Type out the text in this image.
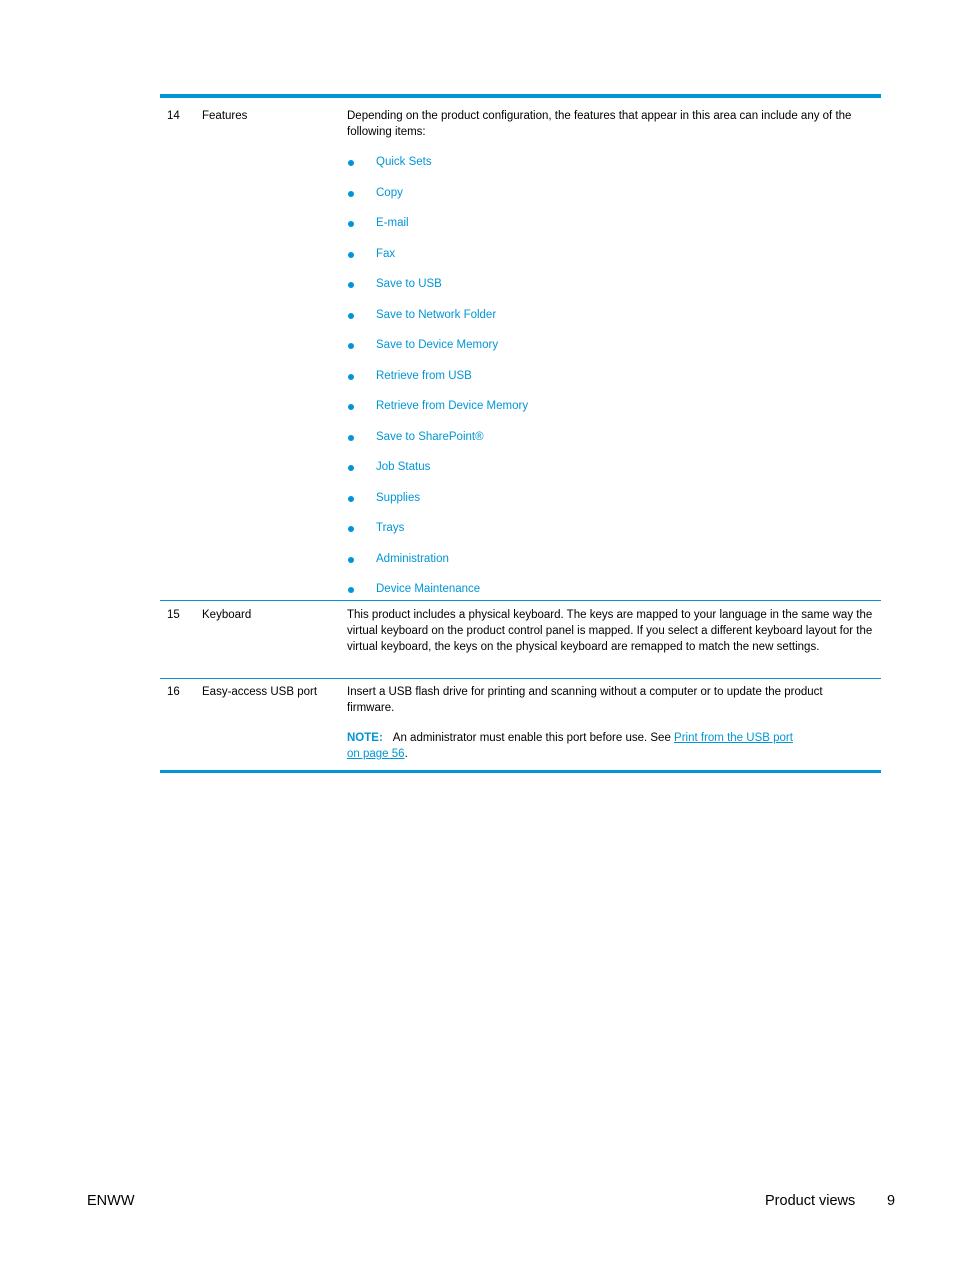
14 Features	Depending on the product configuration, the features that appear in this area can include any of the following items:
Quick Sets
Copy
E-mail
Fax
Save to USB
Save to Network Folder
Save to Device Memory
Retrieve from USB
Retrieve from Device Memory
Save to SharePoint®
Job Status
Supplies
Trays
Administration
Device Maintenance
15 Keyboard	This product includes a physical keyboard. The keys are mapped to your language in the same way the virtual keyboard on the product control panel is mapped. If you select a different keyboard layout for the virtual keyboard, the keys on the physical keyboard are remapped to match the new settings.
16 Easy-access USB port	Insert a USB flash drive for printing and scanning without a computer or to update the product firmware.
NOTE: An administrator must enable this port before use. See Print from the USB port
on page 56.
ENWW	Product views 9
